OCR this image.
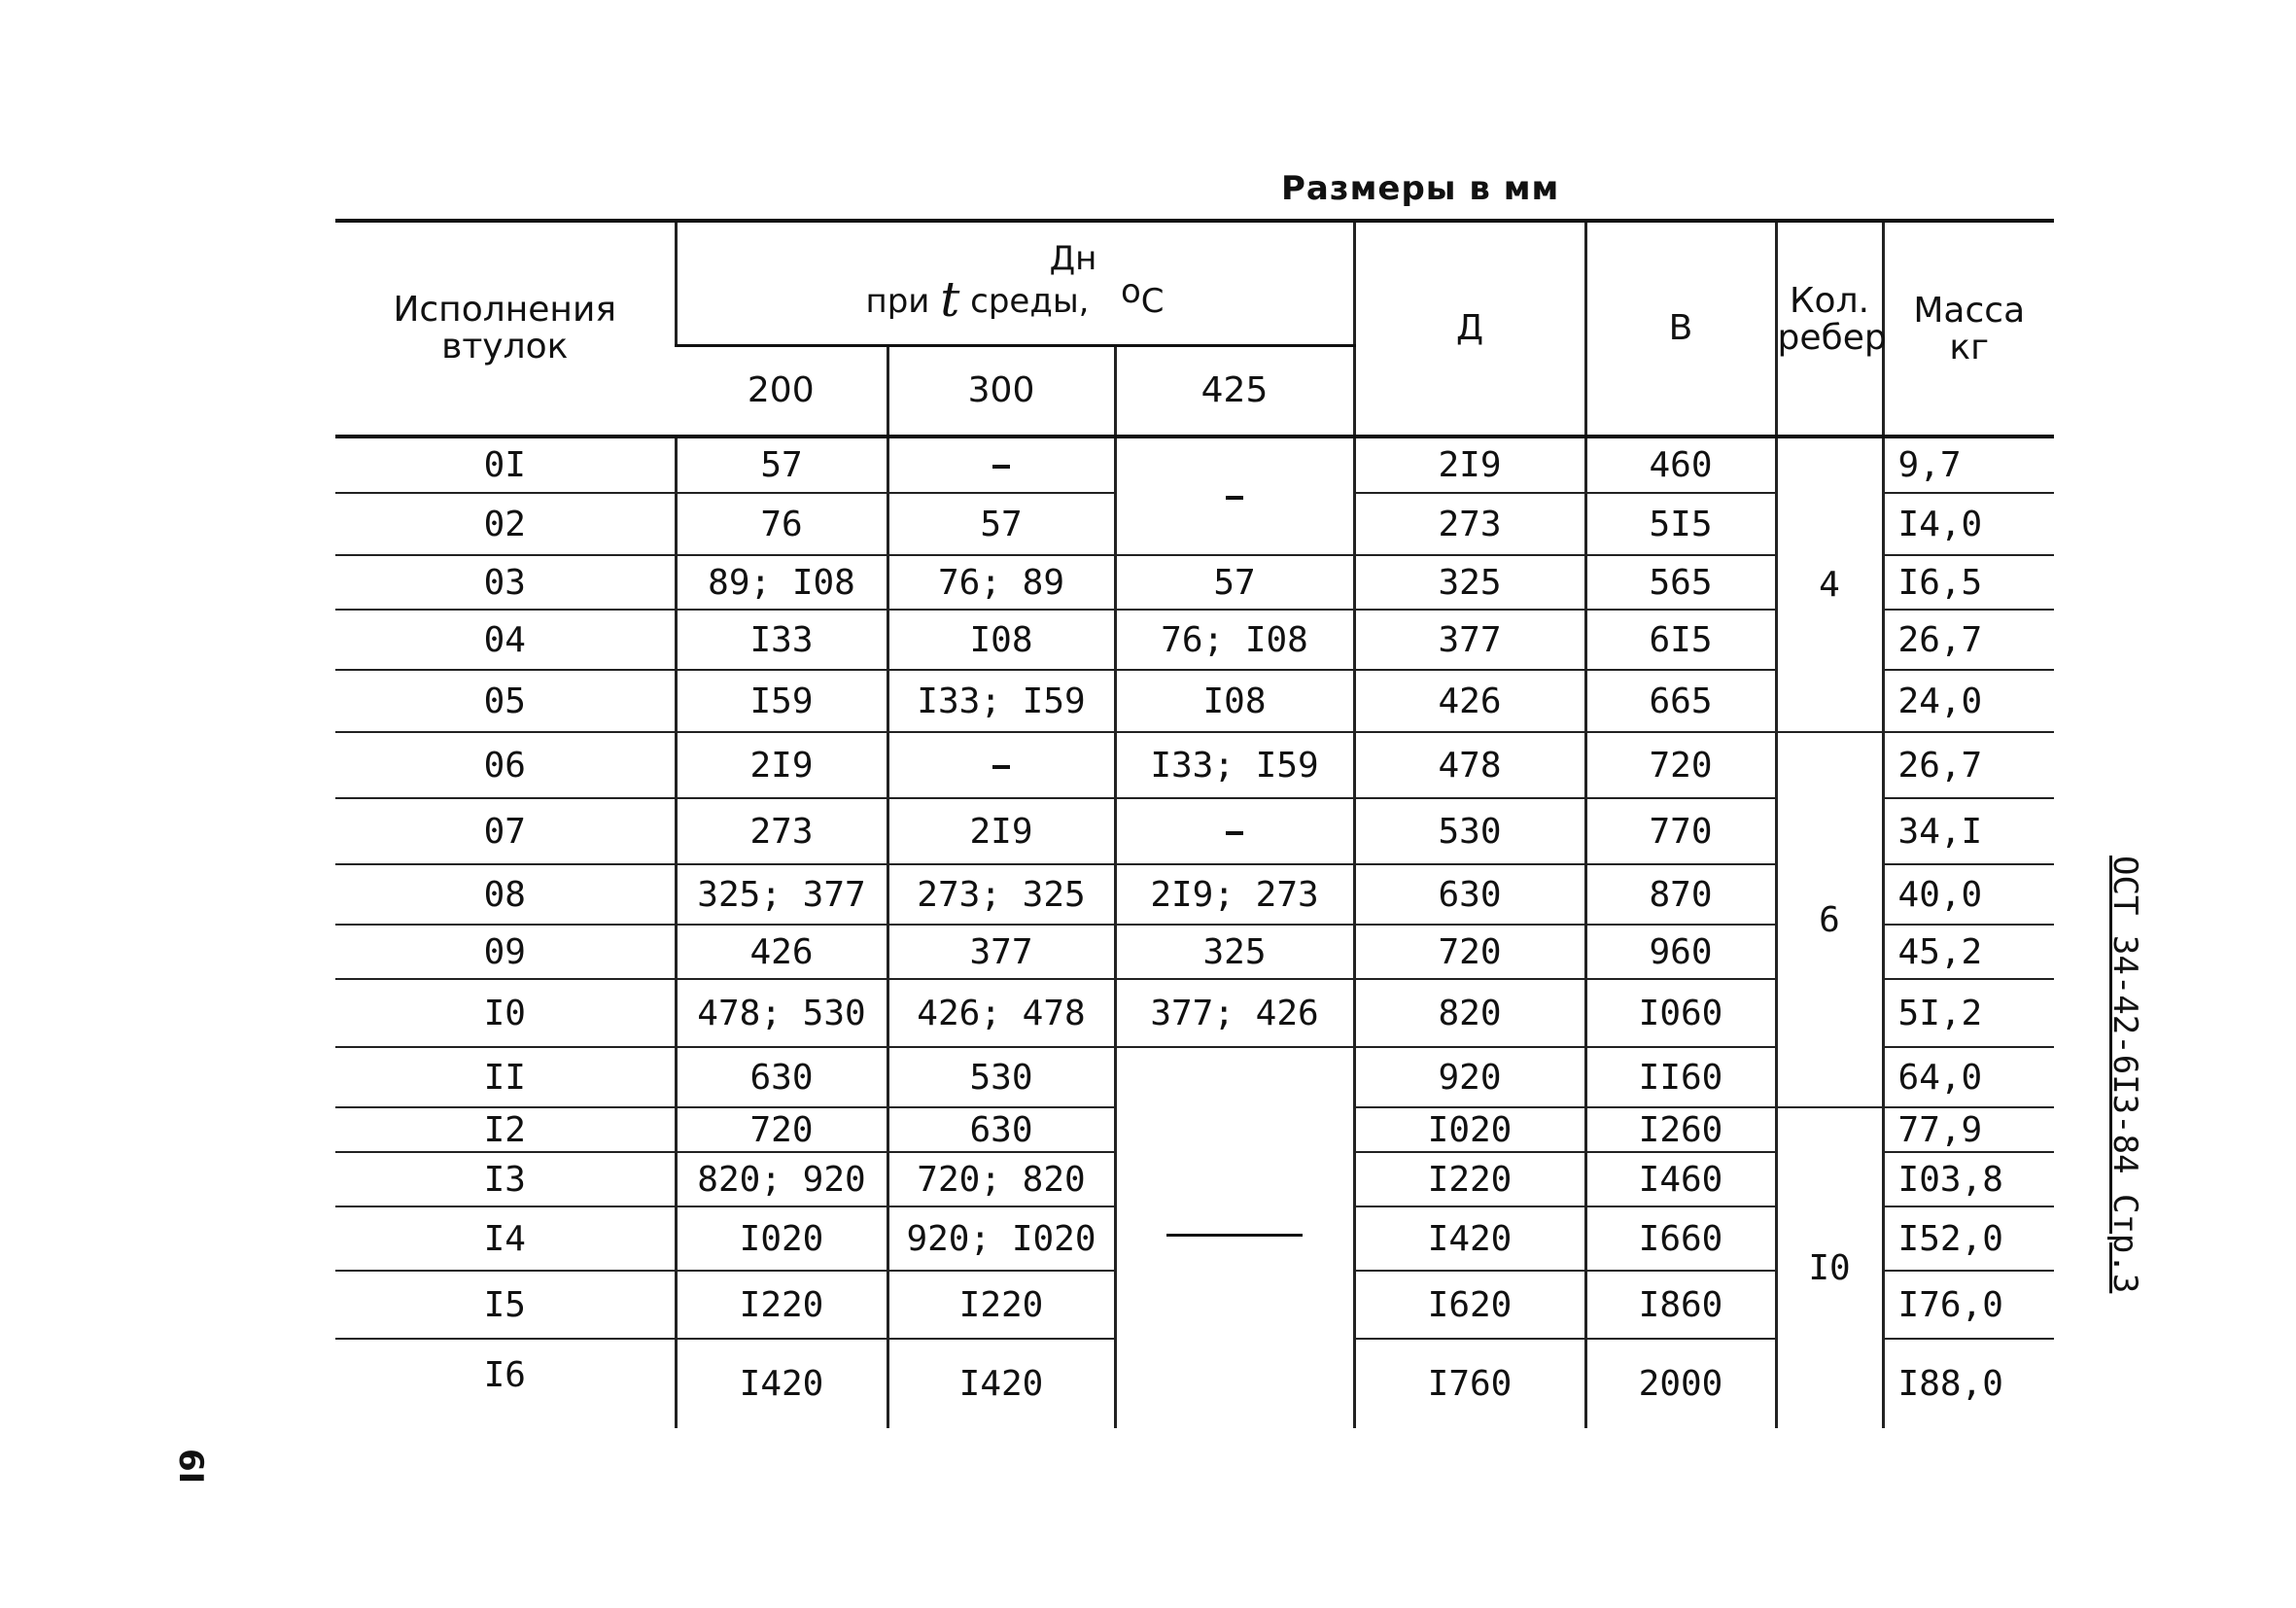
Размеры в мм
Исполнения
втулок	Дн
при t среды, оС			Д	В	Кол.
ребер	Масса
кг
	200	300	425				
0I	57			2I9	460	4	9,7
02	76	57		273	5I5		I4,0
03	89; I08	76; 89	57	325	565		I6,5
04	I33	I08	76; I08	377	6I5		26,7
05	I59	I33; I59	I08	426	665		24,0
06	2I9		I33; I59	478	720	6	26,7
07	273	2I9		530	770		34,I
08	325; 377	273; 325	2I9; 273	630	870		40,0
09	426	377	325	720	960		45,2
I0	478; 530	426; 478	377; 426	820	I060		5I,2
II	630	530		920	II60		64,0
I2	720	630		I020	I260	I0	77,9
I3	820; 920	720; 820		I220	I460		I03,8
I4	I020	920; I020		I420	I660		I52,0
I5	I220	I220		I620	I860		I76,0
I6	I420	I420		I760	2000		I88,0
ОСТ 34-42-6I3-84 Стр.3
6I
